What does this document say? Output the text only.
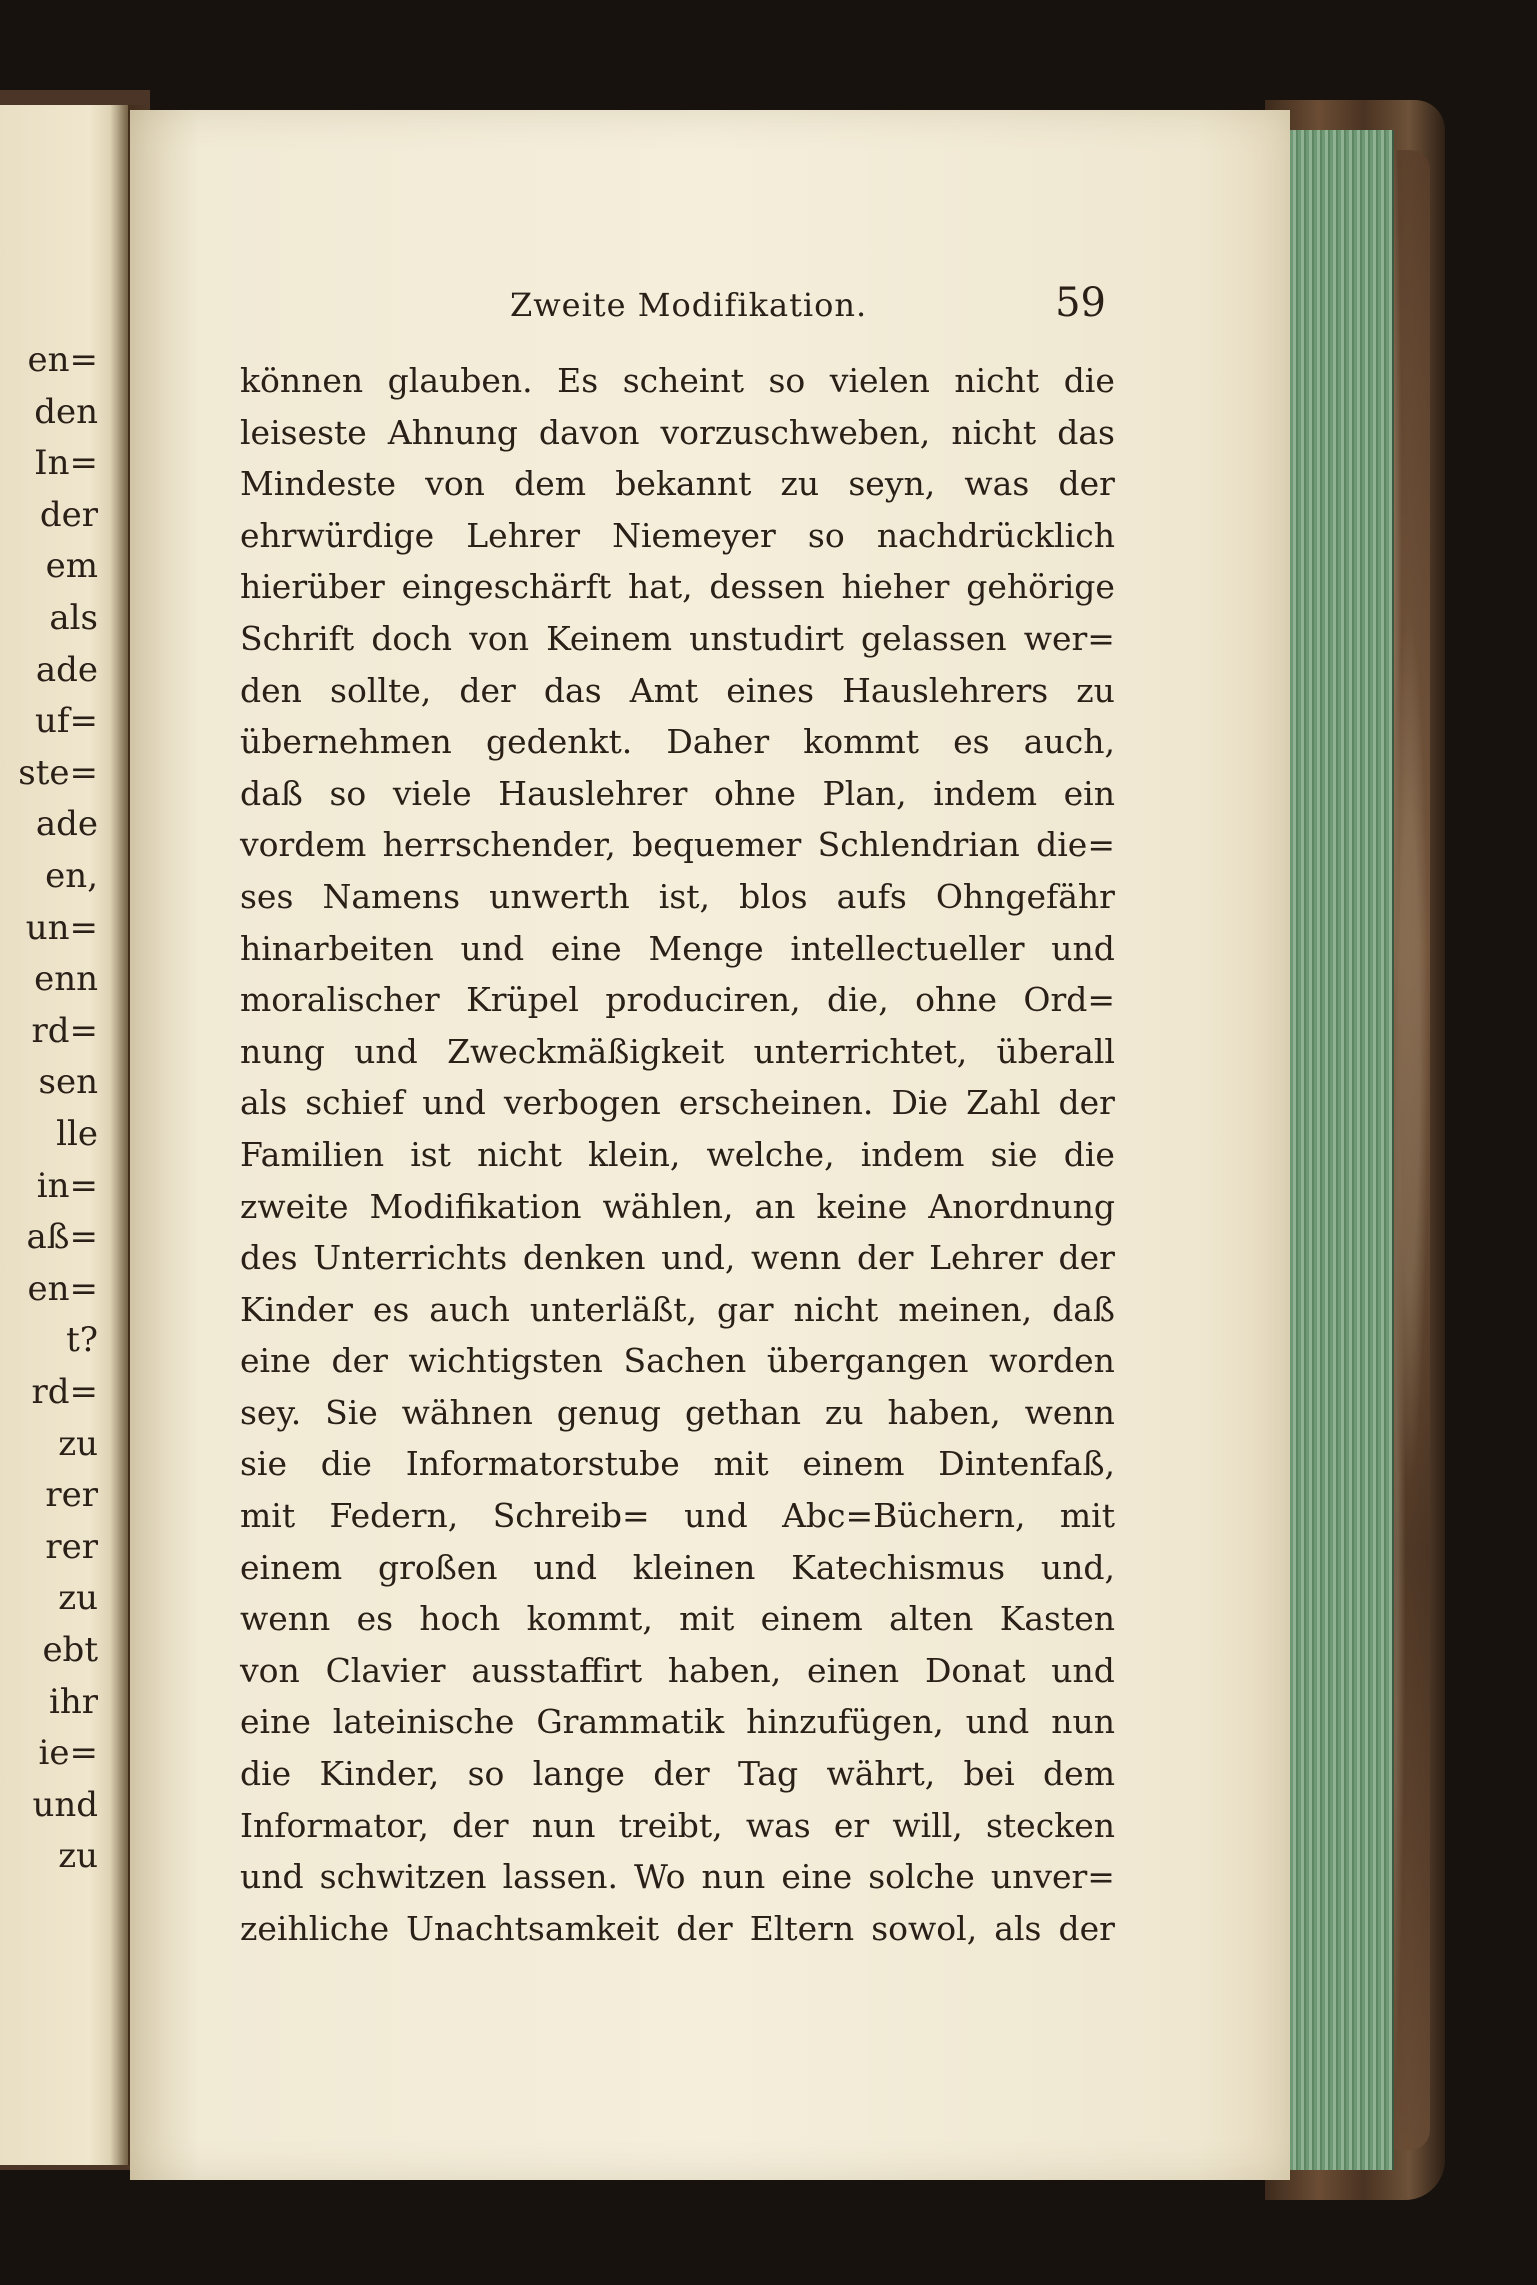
en=
den
In=
der
em
als
ade
uf=
ste=
ade
en,
un=
enn
rd=
sen
lle
in=
aß=
en=
t?
rd=
zu
rer
rer
zu
ebt
ihr
ie=
und
zu
Zweite Modifikation.	59
können glauben. Es scheint so vielen nicht die
leiseste Ahnung davon vorzuschweben, nicht das
Mindeste von dem bekannt zu seyn, was der
ehrwürdige Lehrer Niemeyer so nachdrücklich
hierüber eingeschärft hat, dessen hieher gehörige
Schrift doch von Keinem unstudirt gelassen wer=
den sollte, der das Amt eines Hauslehrers zu
übernehmen gedenkt. Daher kommt es auch,
daß so viele Hauslehrer ohne Plan, indem ein
vordem herrschender, bequemer Schlendrian die=
ses Namens unwerth ist, blos aufs Ohngefähr
hinarbeiten und eine Menge intellectueller und
moralischer Krüpel produciren, die, ohne Ord=
nung und Zweckmäßigkeit unterrichtet, überall
als schief und verbogen erscheinen. Die Zahl der
Familien ist nicht klein, welche, indem sie die
zweite Modifikation wählen, an keine Anordnung
des Unterrichts denken und, wenn der Lehrer der
Kinder es auch unterläßt, gar nicht meinen, daß
eine der wichtigsten Sachen übergangen worden
sey. Sie wähnen genug gethan zu haben, wenn
sie die Informatorstube mit einem Dintenfaß,
mit Federn, Schreib= und Abc=Büchern, mit
einem großen und kleinen Katechismus und,
wenn es hoch kommt, mit einem alten Kasten
von Clavier ausstaffirt haben, einen Donat und
eine lateinische Grammatik hinzufügen, und nun
die Kinder, so lange der Tag währt, bei dem
Informator, der nun treibt, was er will, stecken
und schwitzen lassen. Wo nun eine solche unver=
zeihliche Unachtsamkeit der Eltern sowol, als der
